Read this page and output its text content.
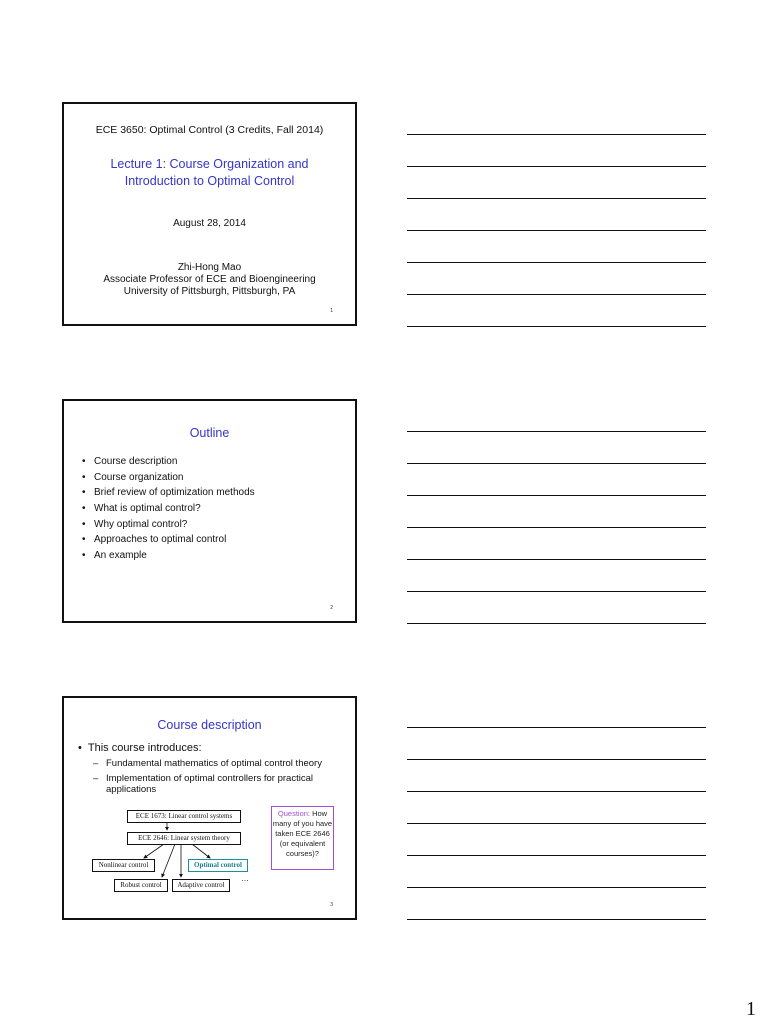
ECE 3650: Optimal Control (3 Credits, Fall 2014)
Lecture 1: Course Organization and
Introduction to Optimal Control
August 28, 2014
Zhi-Hong Mao
Associate Professor of ECE and Bioengineering
University of Pittsburgh, Pittsburgh, PA
1
Outline
• Course description
• Course organization
• Brief review of optimization methods
• What is optimal control?
• Why optimal control?
• Approaches to optimal control
• An example
2
Course description
• This course introduces:
– Fundamental mathematics of optimal control theory
– Implementation of optimal controllers for practical applications
ECE 1673: Linear control systems
ECE 2646: Linear system theory
Nonlinear control	Optimal control
Robust control	Adaptive control
…
Question: How many of you have taken ECE 2646 (or equivalent courses)?
3
1
